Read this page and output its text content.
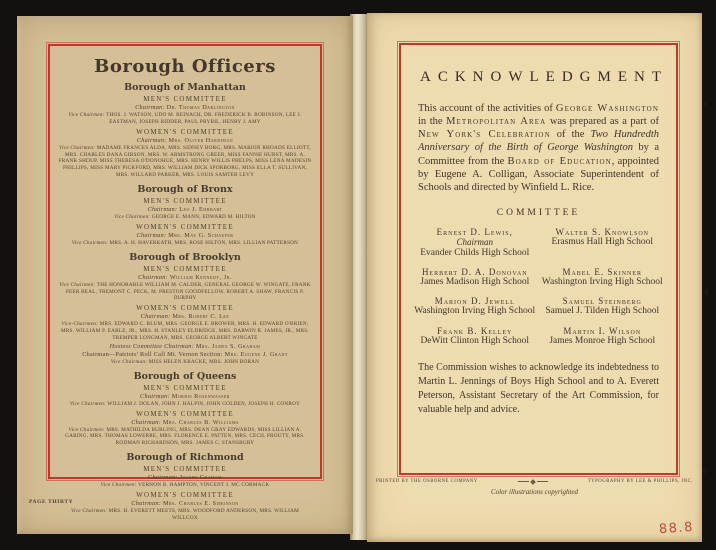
Borough Officers
Borough of Manhattan
MEN'S COMMITTEE
Chairman: Dr. Thomas Darlington
Vice Chairmen: THOS. J. WATSON, UDO M. REINACH, DR. FREDERICK B. ROBINSON, LEE J. EASTMAN, JOSEPH RIDDER, PAUL PRYBIL, HENRY J. AMY
WOMEN'S COMMITTEE
Chairman: Mrs. Oliver Harriman
Vice Chairmen: MADAME FRANCES ALDA, MRS. SIDNEY BORG, MRS. MARION RHOADS ELLIOTT, MRS. CHARLES DANA GIBSON, MRS. W. ARMSTRONG GREER, MISS FANNIE HURST, MRS. A. FRANK SHOUP, MISS THERESA O'DONOHUE, MRS. HENRY WILLIS PHELPS, MISS LENA MADESIN PHILLIPS, MISS MARY PICKFORD, MRS. WILLIAM DICK SPORBORG, MISS ELLA T. SULLIVAN, MRS. WILLARD PARKER, MRS. LOUIS SAMTER LEVY
Borough of Bronx
MEN'S COMMITTEE
Chairman: Leo J. Ehrhart
Vice Chairmen: GEORGE E. MANN, EDWARD M. HILTON
WOMEN'S COMMITTEE
Chairman: Mrs. May G. Schaefer
Vice Chairmen: MRS. A. H. HAVERKATH, MRS. ROSE HILTON, MRS. LILLIAN PATTERSON
Borough of Brooklyn
MEN'S COMMITTEE
Chairman: William Kennedy, Jr.
Vice Chairmen: THE HONORABLE WILLIAM M. CALDER, GENERAL GEORGE W. WINGATE, FRANK PEER BEAL, TREMONT C. PECK, M. PRESTON GOODFELLOW, ROBERT A. SHAW, FRANCIS P. DURPHY
WOMEN'S COMMITTEE
Chairman: Mrs. Robert C. Lee
Vice-Chairmen: MRS. EDWARD C. BLUM, MRS. GEORGE E. BROWER, MRS. H. EDWARD O'BRIEN, MRS. WILLIAM P. EARLE, JR., MRS. H. STANLEY ELDRIDGE, MRS. DARWIN R. JAMES, JR., MRS. TREMPER LONGMAN, MRS. GEORGE ALBERT WINGATE
Hostess Committee Chairman: Mrs. James S. Graham
Chairman—Patriots' Roll Call Mt. Vernon Section: Mrs. Eugene J. Grant
Vice Chairman: MISS HELEN KRACKE, MRS. JOHN BORAN
Borough of Queens
MEN'S COMMITTEE
Chairman: Morris Rosenwasser
Vice Chairmen: WILLIAM J. DOLAN, JOHN J. HALPIN, JOHN GOLDEN, JOSEPH H. CONROY
WOMEN'S COMMITTEE
Chairman: Mrs. Charles B. Williams
Vice Chairmen: MRS. MATHILDA BURLING, MRS. DEAN GRAY EDWARDS, MISS LILLIAN A. GARING, MRS. THOMAS LOWERRE, MRS. FLORENCE E. PATTEN, MRS. CECIL PROUTY, MRS. RODMAN RICHARDSON, MRS. JAMES C. STANSBURY
Borough of Richmond
MEN'S COMMITTEE
Chairman: Joseph Graham
Vice Chairmen: VERNON B. HAMPTON, VINCENT J. MC CORMACK
WOMEN'S COMMITTEE
Chairman: Mrs. Charles E. Simonson
Vice Chairmen: MRS. H. EVERETT MEETS, MRS. WOODFORD ANDERSON, MRS. WILLIAM WILLCOX
PAGE THIRTY
ACKNOWLEDGMENT

This account of the activities of George Washington in the Metropolitan Area was prepared as a part of New York's Celebration of the Two Hundredth Anniversary of the Birth of George Washington by a Committee from the Board of Education, appointed by Eugene A. Colligan, Associate Superintendent of Schools and directed by Winfield L. Rice.

COMMITTEE
Ernest D. Lewis,
Chairman
Evander Childs High School
Walter S. Knowlson
Erasmus Hall High School
Herbert D. A. Donovan
James Madison High School
Mabel E. Skinner
Washington Irving High School
Marion D. Jewell
Washington Irving High School
Samuel Steinberg
Samuel J. Tilden High School
Frank B. Kelley
DeWitt Clinton High School
Martin I. Wilson
James Monroe High School

The Commission wishes to acknowledge its indebtedness to Martin L. Jennings of Boys High School and to A. Everett Peterson, Assistant Secretary of the Art Commission, for valuable help and advice.

PRINTED BY THE OSBORNE COMPANY	TYPOGRAPHY BY LEE & PHILLIPS, INC.
Color illustrations copyrighted
88.8
